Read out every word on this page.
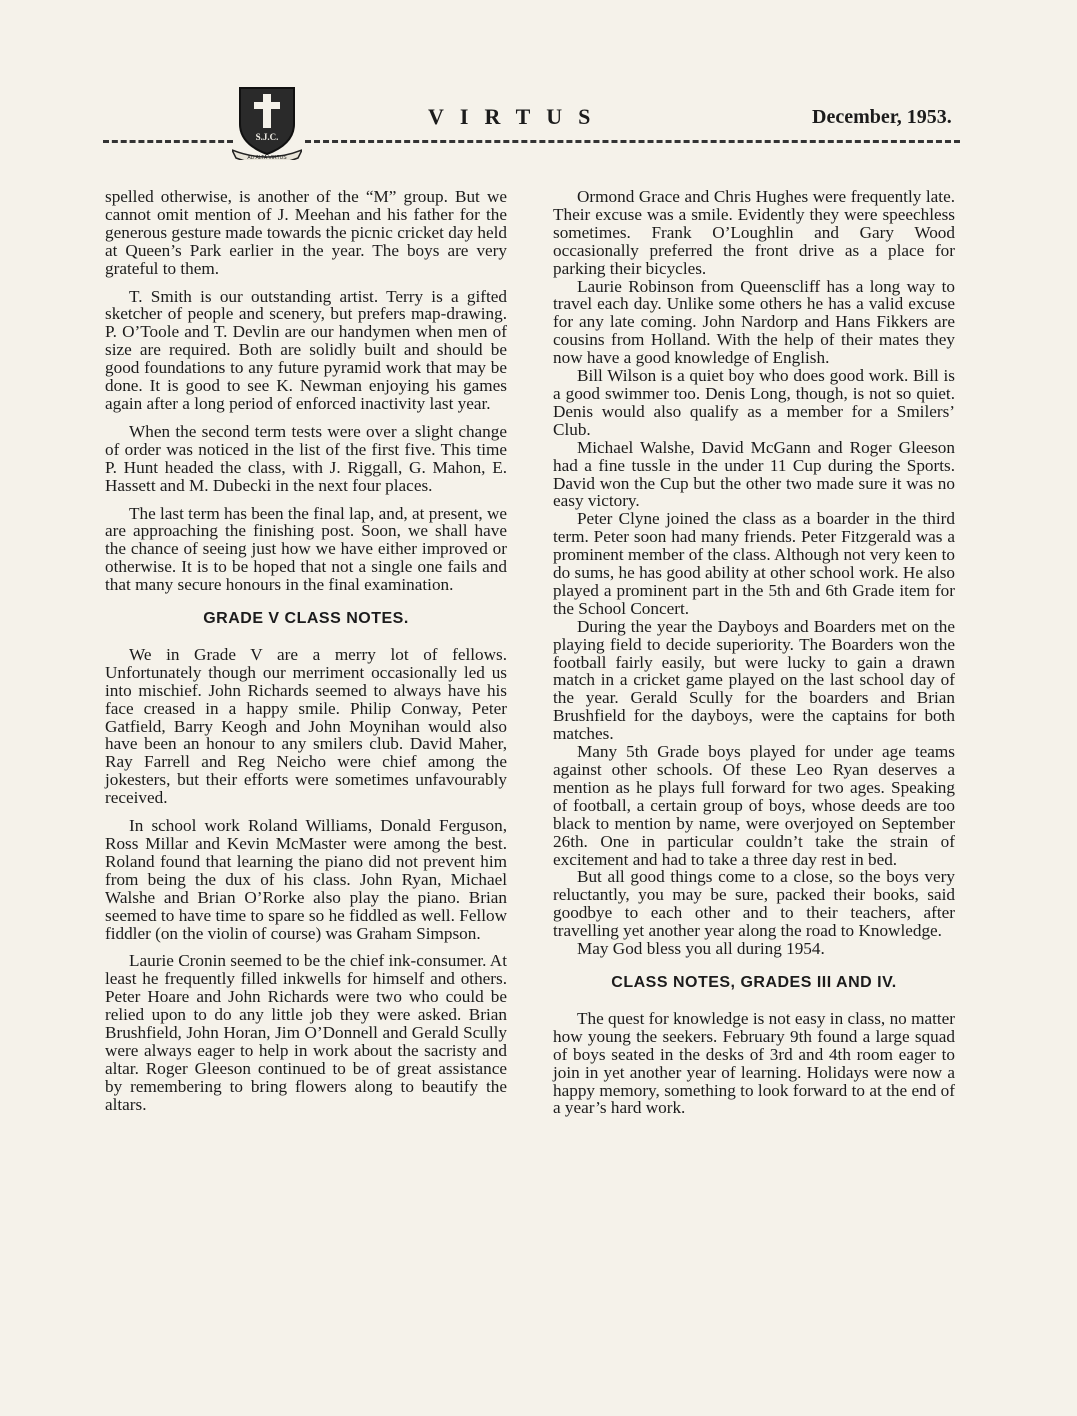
S.J.C.
AD ALTA VIRTUS
VIRTUS	December, 1953.

spelled otherwise, is another of the “M” group. But we cannot omit mention of J. Meehan and his father for the generous gesture made towards the picnic cricket day held at Queen’s Park earlier in the year. The boys are very grateful to them.

T. Smith is our outstanding artist. Terry is a gifted sketcher of people and scenery, but prefers map-drawing. P. O’Toole and T. Devlin are our handymen when men of size are required. Both are solidly built and should be good foundations to any future pyramid work that may be done. It is good to see K. Newman enjoying his games again after a long period of enforced inactivity last year.

When the second term tests were over a slight change of order was noticed in the list of the first five. This time P. Hunt headed the class, with J. Riggall, G. Mahon, E. Hassett and M. Dubecki in the next four places.

The last term has been the final lap, and, at present, we are approaching the finishing post. Soon, we shall have the chance of seeing just how we have either improved or otherwise. It is to be hoped that not a single one fails and that many secure honours in the final examination.

GRADE V CLASS NOTES.

We in Grade V are a merry lot of fellows. Unfortunately though our merriment occasionally led us into mischief. John Richards seemed to always have his face creased in a happy smile. Philip Conway, Peter Gatfield, Barry Keogh and John Moynihan would also have been an honour to any smilers club. David Maher, Ray Farrell and Reg Neicho were chief among the jokesters, but their efforts were sometimes unfavourably received.

In school work Roland Williams, Donald Ferguson, Ross Millar and Kevin McMaster were among the best. Roland found that learning the piano did not prevent him from being the dux of his class. John Ryan, Michael Walshe and Brian O’Rorke also play the piano. Brian seemed to have time to spare so he fiddled as well. Fellow fiddler (on the violin of course) was Graham Simpson.

Laurie Cronin seemed to be the chief ink-consumer. At least he frequently filled inkwells for himself and others. Peter Hoare and John Richards were two who could be relied upon to do any little job they were asked. Brian Brushfield, John Horan, Jim O’Donnell and Gerald Scully were always eager to help in work about the sacristy and altar. Roger Gleeson continued to be of great assistance by remembering to bring flowers along to beautify the altars.

Ormond Grace and Chris Hughes were frequently late. Their excuse was a smile. Evidently they were speechless sometimes. Frank O’Loughlin and Gary Wood occasionally preferred the front drive as a place for parking their bicycles.

Laurie Robinson from Queenscliff has a long way to travel each day. Unlike some others he has a valid excuse for any late coming. John Nardorp and Hans Fikkers are cousins from Holland. With the help of their mates they now have a good knowledge of English.

Bill Wilson is a quiet boy who does good work. Bill is a good swimmer too. Denis Long, though, is not so quiet. Denis would also qualify as a member for a Smilers’ Club.

Michael Walshe, David McGann and Roger Gleeson had a fine tussle in the under 11 Cup during the Sports. David won the Cup but the other two made sure it was no easy victory.

Peter Clyne joined the class as a boarder in the third term. Peter soon had many friends. Peter Fitzgerald was a prominent member of the class. Although not very keen to do sums, he has good ability at other school work. He also played a prominent part in the 5th and 6th Grade item for the School Concert.

During the year the Dayboys and Boarders met on the playing field to decide superiority. The Boarders won the football fairly easily, but were lucky to gain a drawn match in a cricket game played on the last school day of the year. Gerald Scully for the boarders and Brian Brushfield for the dayboys, were the captains for both matches.

Many 5th Grade boys played for under age teams against other schools. Of these Leo Ryan deserves a mention as he plays full forward for two ages. Speaking of football, a certain group of boys, whose deeds are too black to mention by name, were overjoyed on September 26th. One in particular couldn’t take the strain of excitement and had to take a three day rest in bed.

But all good things come to a close, so the boys very reluctantly, you may be sure, packed their books, said goodbye to each other and to their teachers, after travelling yet another year along the road to Knowledge.

May God bless you all during 1954.

CLASS NOTES, GRADES III AND IV.

The quest for knowledge is not easy in class, no matter how young the seekers. February 9th found a large squad of boys seated in the desks of 3rd and 4th room eager to join in yet another year of learning. Holidays were now a happy memory, something to look forward to at the end of a year’s hard work.
